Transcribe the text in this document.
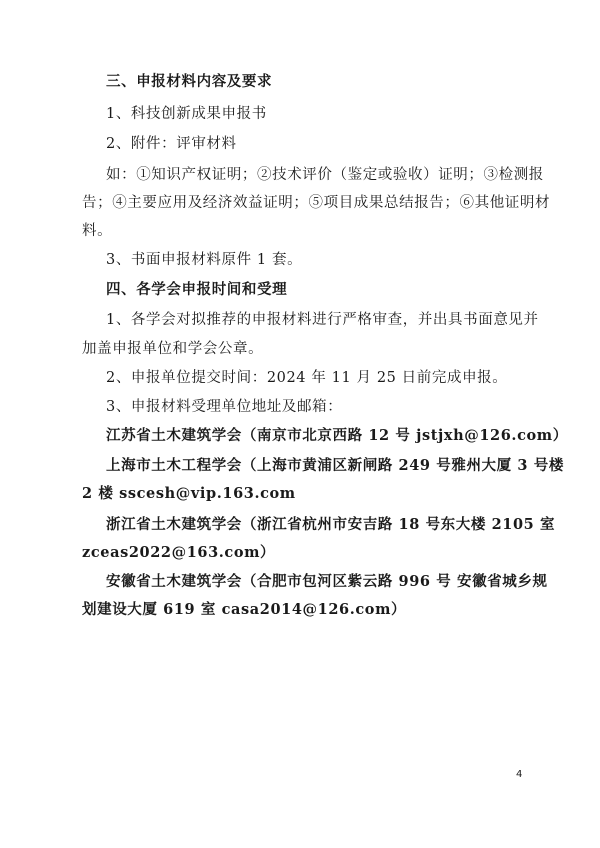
三、申报材料内容及要求
1、科技创新成果申报书
2、附件：评审材料
如：①知识产权证明；②技术评价（鉴定或验收）证明；③检测报
告；④主要应用及经济效益证明；⑤项目成果总结报告；⑥其他证明材
料。
3、书面申报材料原件 1 套。
四、各学会申报时间和受理
1、各学会对拟推荐的申报材料进行严格审查，并出具书面意见并
加盖申报单位和学会公章。
2、申报单位提交时间：2024 年 11 月 25 日前完成申报。
3、申报材料受理单位地址及邮箱：
江苏省土木建筑学会（南京市北京西路 12 号 jstjxh@126.com）
上海市土木工程学会（上海市黄浦区新闸路 249 号雅州大厦 3 号楼
2 楼 sscesh@vip.163.com
浙江省土木建筑学会（浙江省杭州市安吉路 18 号东大楼 2105 室
zceas2022@163.com）
安徽省土木建筑学会（合肥市包河区紫云路 996 号 安徽省城乡规
划建设大厦 619 室 casa2014@126.com）
4
